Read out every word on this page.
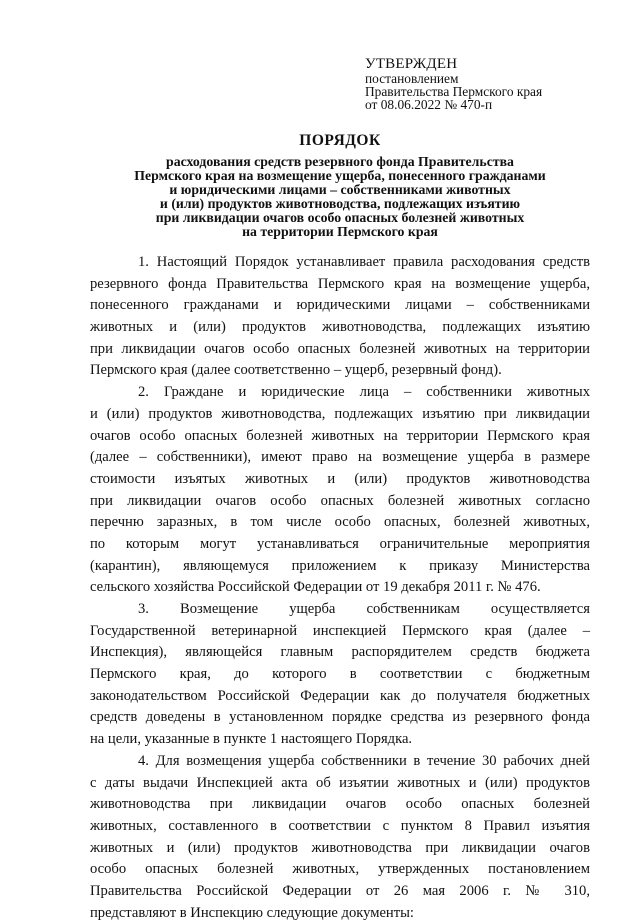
УТВЕРЖДЕН
постановлением
Правительства Пермского края
от 08.06.2022 № 470-п
ПОРЯДОК
расходования средств резервного фонда Правительства
Пермского края на возмещение ущерба, понесенного гражданами
и юридическими лицами – собственниками животных
и (или) продуктов животноводства, подлежащих изъятию
при ликвидации очагов особо опасных болезней животных
на территории Пермского края
1. Настоящий Порядок устанавливает правила расходования средств
резервного фонда Правительства Пермского края на возмещение ущерба,
понесенного гражданами и юридическими лицами – собственниками
животных и (или) продуктов животноводства, подлежащих изъятию
при ликвидации очагов особо опасных болезней животных на территории
Пермского края (далее соответственно – ущерб, резервный фонд).
2. Граждане и юридические лица – собственники животных
и (или) продуктов животноводства, подлежащих изъятию при ликвидации
очагов особо опасных болезней животных на территории Пермского края
(далее – собственники), имеют право на возмещение ущерба в размере
стоимости изъятых животных и (или) продуктов животноводства
при ликвидации очагов особо опасных болезней животных согласно
перечню заразных, в том числе особо опасных, болезней животных,
по которым могут устанавливаться ограничительные мероприятия
(карантин), являющемуся приложением к приказу Министерства
сельского хозяйства Российской Федерации от 19 декабря 2011 г. № 476.
3. Возмещение ущерба собственникам осуществляется
Государственной ветеринарной инспекцией Пермского края (далее –
Инспекция), являющейся главным распорядителем средств бюджета
Пермского края, до которого в соответствии с бюджетным
законодательством Российской Федерации как до получателя бюджетных
средств доведены в установленном порядке средства из резервного фонда
на цели, указанные в пункте 1 настоящего Порядка.
4. Для возмещения ущерба собственники в течение 30 рабочих дней
с даты выдачи Инспекцией акта об изъятии животных и (или) продуктов
животноводства при ликвидации очагов особо опасных болезней
животных, составленного в соответствии с пунктом 8 Правил изъятия
животных и (или) продуктов животноводства при ликвидации очагов
особо опасных болезней животных, утвержденных постановлением
Правительства Российской Федерации от 26 мая 2006 г. № 310,
представляют в Инспекцию следующие документы:
